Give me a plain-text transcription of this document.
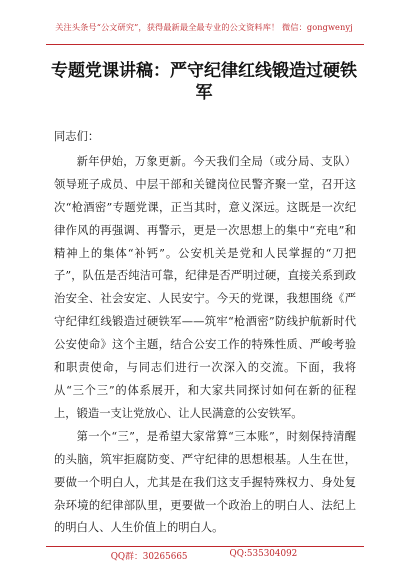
关注头条号“公文研究”，获得最新最全最专业的公文资料库！ 微信：gongwenyj
专题党课讲稿：严守纪律红线锻造过硬铁军

同志们：

新年伊始，万象更新。今天我们全局（或分局、支队）领导班子成员、中层干部和关键岗位民警齐聚一堂，召开这次“枪酒密”专题党课，正当其时，意义深远。这既是一次纪律作风的再强调、再警示，更是一次思想上的集中“充电”和精神上的集体“补钙”。公安机关是党和人民掌握的“刀把子”，队伍是否纯洁可靠，纪律是否严明过硬，直接关系到政治安全、社会安定、人民安宁。今天的党课，我想围绕《严守纪律红线锻造过硬铁军——筑牢“枪酒密”防线护航新时代公安使命》这个主题，结合公安工作的特殊性质、严峻考验和职责使命，与同志们进行一次深入的交流。下面，我将从“三个三”的体系展开，和大家共同探讨如何在新的征程上，锻造一支让党放心、让人民满意的公安铁军。

第一个“三”，是希望大家常算“三本账”，时刻保持清醒的头脑，筑牢拒腐防变、严守纪律的思想根基。人生在世，要做一个明白人，尤其是在我们这支手握特殊权力、身处复杂环境的纪律部队里，更要做一个政治上的明白人、法纪上的明白人、人生价值上的明白人。

QQ群：30265665	QQ:535304092
